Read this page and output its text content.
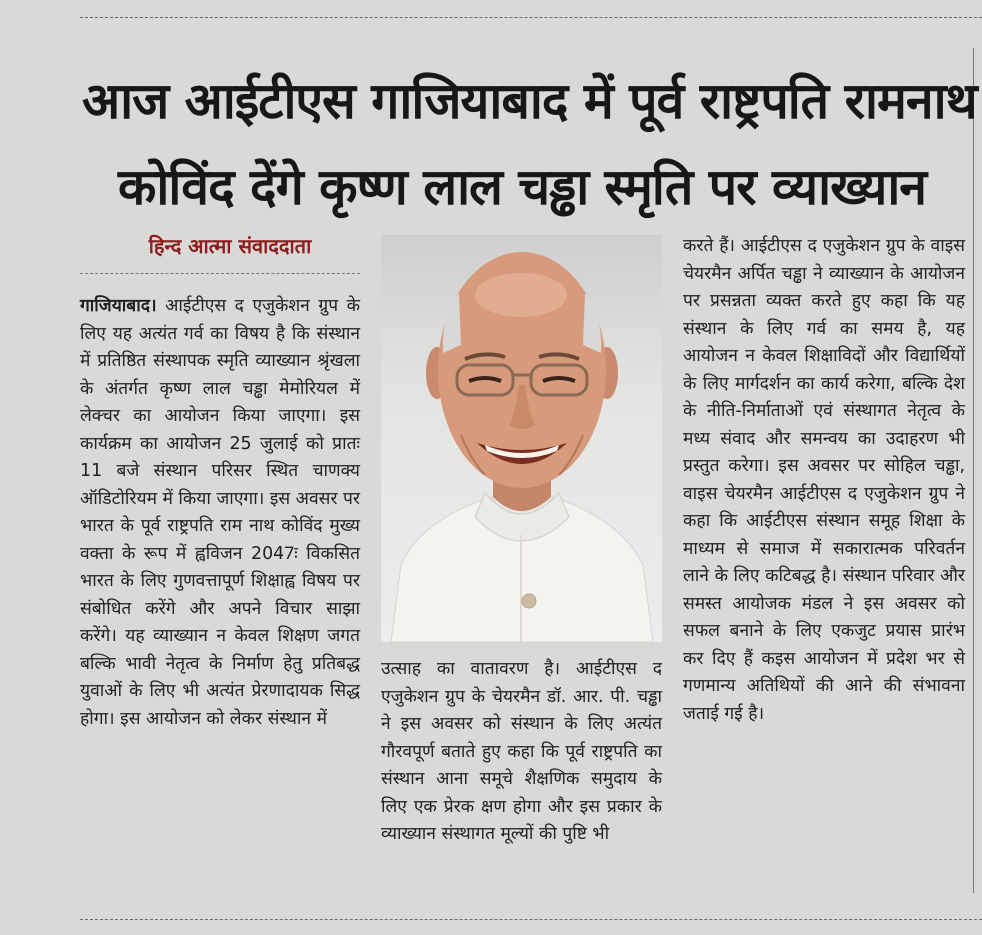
आज आईटीएस गाजियाबाद में पूर्व राष्ट्रपति रामनाथ
कोविंद देंगे कृष्ण लाल चड्ढा स्मृति पर व्याख्यान
हिन्द आत्मा संवाददाता

गाजियाबाद। आईटीएस द एजुकेशन ग्रुप के लिए यह अत्यंत गर्व का विषय है कि संस्थान में प्रतिष्ठित संस्थापक स्मृति व्याख्यान श्रृंखला के अंतर्गत कृष्ण लाल चड्ढा मेमोरियल में लेक्चर का आयोजन किया जाएगा। इस कार्यक्रम का आयोजन 25 जुलाई को प्रातः 11 बजे संस्थान परिसर स्थित चाणक्य ऑडिटोरियम में किया जाएगा। इस अवसर पर भारत के पूर्व राष्ट्रपति राम नाथ कोविंद मुख्य वक्ता के रूप में ह्वविजन 2047ः विकसित भारत के लिए गुणवत्तापूर्ण शिक्षाह्व विषय पर संबोधित करेंगे और अपने विचार साझा करेंगे। यह व्याख्यान न केवल शिक्षण जगत बल्कि भावी नेतृत्व के निर्माण हेतु प्रतिबद्ध युवाओं के लिए भी अत्यंत प्रेरणादायक सिद्ध होगा। इस आयोजन को लेकर संस्थान में

उत्साह का वातावरण है। आईटीएस द एजुकेशन ग्रुप के चेयरमैन डॉ. आर. पी. चड्ढा ने इस अवसर को संस्थान के लिए अत्यंत गौरवपूर्ण बताते हुए कहा कि पूर्व राष्ट्रपति का संस्थान आना समूचे शैक्षणिक समुदाय के लिए एक प्रेरक क्षण होगा और इस प्रकार के व्याख्यान संस्थागत मूल्यों की पुष्टि भी

करते हैं। आईटीएस द एजुकेशन ग्रुप के वाइस चेयरमैन अर्पित चड्ढा ने व्याख्यान के आयोजन पर प्रसन्नता व्यक्त करते हुए कहा कि यह संस्थान के लिए गर्व का समय है, यह आयोजन न केवल शिक्षाविदों और विद्यार्थियों के लिए मार्गदर्शन का कार्य करेगा, बल्कि देश के नीति-निर्माताओं एवं संस्थागत नेतृत्व के मध्य संवाद और समन्वय का उदाहरण भी प्रस्तुत करेगा। इस अवसर पर सोहिल चड्ढा, वाइस चेयरमैन आईटीएस द एजुकेशन ग्रुप ने कहा कि आईटीएस संस्थान समूह शिक्षा के माध्यम से समाज में सकारात्मक परिवर्तन लाने के लिए कटिबद्ध है। संस्थान परिवार और समस्त आयोजक मंडल ने इस अवसर को सफल बनाने के लिए एकजुट प्रयास प्रारंभ कर दिए हैं कइस आयोजन में प्रदेश भर से गणमान्य अतिथियों की आने की संभावना जताई गई है।
